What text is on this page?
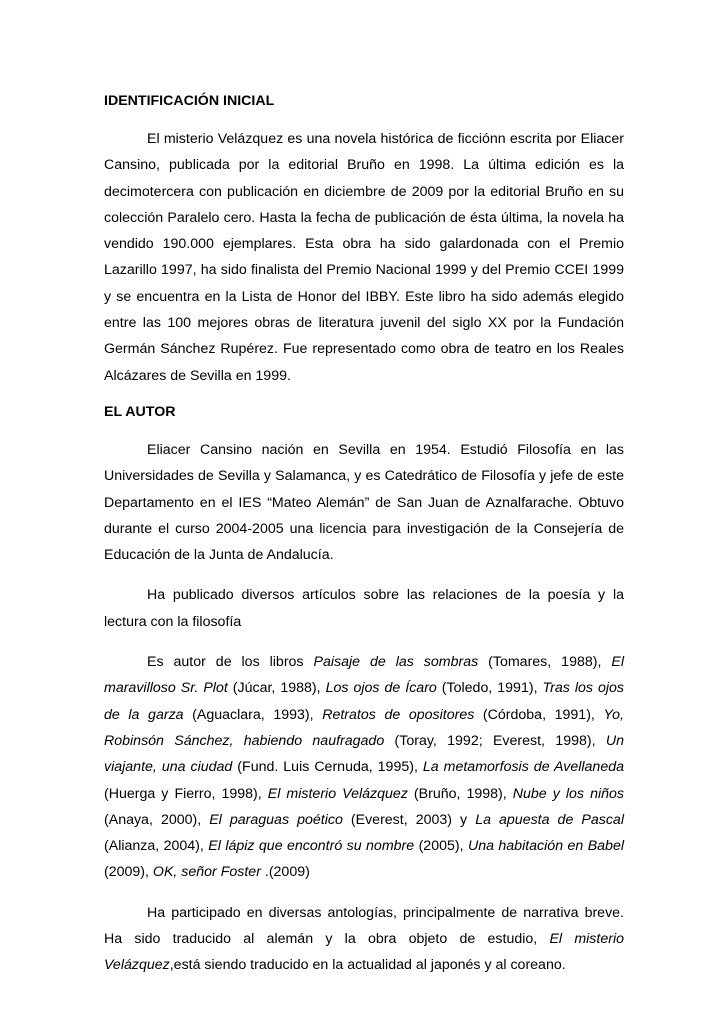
IDENTIFICACIÓN INICIAL

El misterio Velázquez es una novela histórica de ficciónn escrita por Eliacer Cansino, publicada por la editorial Bruño en 1998. La última edición es la decimotercera con publicación en diciembre de 2009 por la editorial Bruño en su colección Paralelo cero. Hasta la fecha de publicación de ésta última, la novela ha vendido 190.000 ejemplares. Esta obra ha sido galardonada con el Premio Lazarillo 1997, ha sido finalista del Premio Nacional 1999 y del Premio CCEI 1999 y se encuentra en la Lista de Honor del IBBY. Este libro ha sido además elegido entre las 100 mejores obras de literatura juvenil del siglo XX por la Fundación Germán Sánchez Rupérez. Fue representado como obra de teatro en los Reales Alcázares de Sevilla en 1999.

EL AUTOR

Eliacer Cansino nación en Sevilla en 1954. Estudió Filosofía en las Universidades de Sevilla y Salamanca, y es Catedrático de Filosofía y jefe de este Departamento en el IES “Mateo Alemán” de San Juan de Aznalfarache. Obtuvo durante el curso 2004-2005 una licencia para investigación de la Consejería de Educación de la Junta de Andalucía.

Ha publicado diversos artículos sobre las relaciones de la poesía y la lectura con la filosofía

Es autor de los libros Paisaje de las sombras (Tomares, 1988), El maravilloso Sr. Plot (Júcar, 1988), Los ojos de Ícaro (Toledo, 1991), Tras los ojos de la garza (Aguaclara, 1993), Retratos de opositores (Córdoba, 1991), Yo, Robinsón Sánchez, habiendo naufragado (Toray, 1992; Everest, 1998), Un viajante, una ciudad (Fund. Luis Cernuda, 1995), La metamorfosis de Avellaneda (Huerga y Fierro, 1998), El misterio Velázquez (Bruño, 1998), Nube y los niños (Anaya, 2000), El paraguas poético (Everest, 2003) y La apuesta de Pascal (Alianza, 2004), El lápiz que encontró su nombre (2005), Una habitación en Babel (2009), OK, señor Foster .(2009)

Ha participado en diversas antologías, principalmente de narrativa breve. Ha sido traducido al alemán y la obra objeto de estudio, El misterio Velázquez,está siendo traducido en la actualidad al japonés y al coreano.
